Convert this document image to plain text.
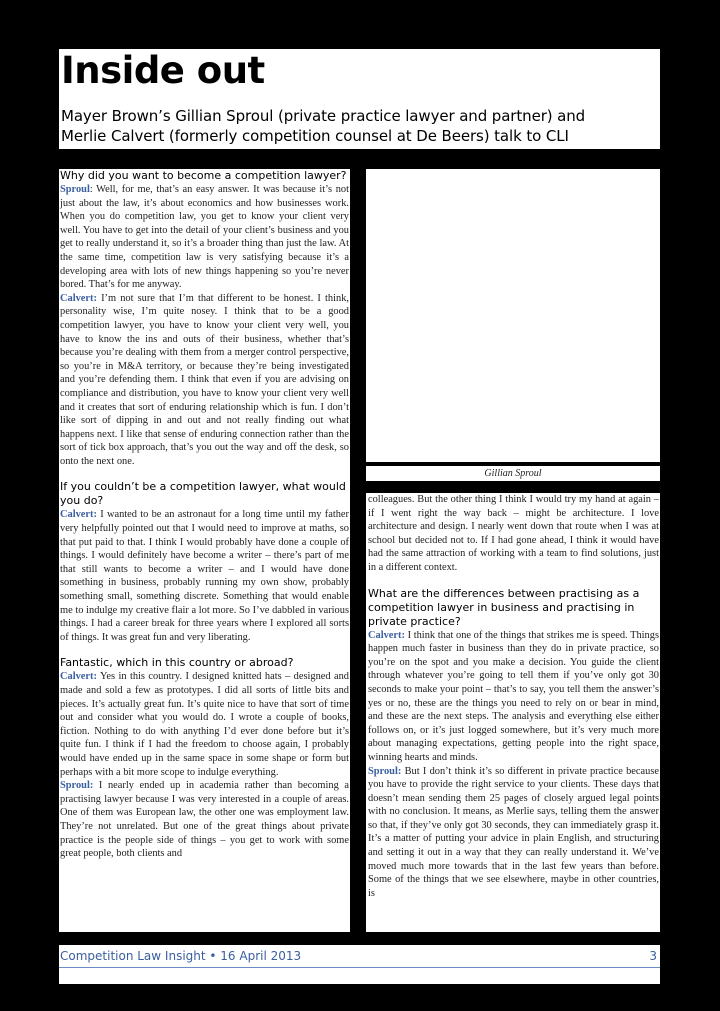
Inside out

Mayer Brown’s Gillian Sproul (private practice lawyer and partner) and
Merlie Calvert (formerly competition counsel at De Beers) talk to CLI

Why did you want to become a competition lawyer?

Sproul: Well, for me, that’s an easy answer. It was because it’s not just about the law, it’s about economics and how businesses work. When you do competition law, you get to know your client very well. You have to get into the detail of your client’s business and you get to really understand it, so it’s a broader thing than just the law. At the same time, competition law is very satisfying because it’s a developing area with lots of new things happening so you’re never bored. That’s for me anyway.

Calvert: I’m not sure that I’m that different to be honest. I think, personality wise, I’m quite nosey. I think that to be a good competition lawyer, you have to know your client very well, you have to know the ins and outs of their business, whether that’s because you’re dealing with them from a merger control perspective, so you’re in M&A territory, or because they’re being investigated and you’re defending them. I think that even if you are advising on compliance and distribution, you have to know your client very well and it creates that sort of enduring relationship which is fun. I don’t like sort of dipping in and out and not really finding out what happens next. I like that sense of enduring connection rather than the sort of tick box approach, that’s you out the way and off the desk, so onto the next one.

If you couldn’t be a competition lawyer, what would you do?

Calvert: I wanted to be an astronaut for a long time until my father very helpfully pointed out that I would need to improve at maths, so that put paid to that. I think I would probably have done a couple of things. I would definitely have become a writer – there’s part of me that still wants to become a writer – and I would have done something in business, probably running my own show, probably something small, something discrete. Something that would enable me to indulge my creative flair a lot more. So I’ve dabbled in various things. I had a career break for three years where I explored all sorts of things. It was great fun and very liberating.

Fantastic, which in this country or abroad?

Calvert: Yes in this country. I designed knitted hats – designed and made and sold a few as prototypes. I did all sorts of little bits and pieces. It’s actually great fun. It’s quite nice to have that sort of time out and consider what you would do. I wrote a couple of books, fiction. Nothing to do with anything I’d ever done before but it’s quite fun. I think if I had the freedom to choose again, I probably would have ended up in the same space in some shape or form but perhaps with a bit more scope to indulge everything.

Sproul: I nearly ended up in academia rather than becoming a practising lawyer because I was very interested in a couple of areas. One of them was European law, the other one was employment law. They’re not unrelated. But one of the great things about private practice is the people side of things – you get to work with some great people, both clients and

Gillian Sproul

colleagues. But the other thing I think I would try my hand at again – if I went right the way back – might be architecture. I love architecture and design. I nearly went down that route when I was at school but decided not to. If I had gone ahead, I think it would have had the same attraction of working with a team to find solutions, just in a different context.

What are the differences between practising as a competition lawyer in business and practising in private practice?

Calvert: I think that one of the things that strikes me is speed. Things happen much faster in business than they do in private practice, so you’re on the spot and you make a decision. You guide the client through whatever you’re going to tell them if you’ve only got 30 seconds to make your point – that’s to say, you tell them the answer’s yes or no, these are the things you need to rely on or bear in mind, and these are the next steps. The analysis and everything else either follows on, or it’s just logged somewhere, but it’s very much more about managing expectations, getting people into the right space, winning hearts and minds.

Sproul: But I don’t think it’s so different in private practice because you have to provide the right service to your clients. These days that doesn’t mean sending them 25 pages of closely argued legal points with no conclusion. It means, as Merlie says, telling them the answer so that, if they’ve only got 30 seconds, they can immediately grasp it. It’s a matter of putting your advice in plain English, and structuring and setting it out in a way that they can really understand it. We’ve moved much more towards that in the last few years than before. Some of the things that we see elsewhere, maybe in other countries, is

Competition Law Insight • 16 April 2013	3
